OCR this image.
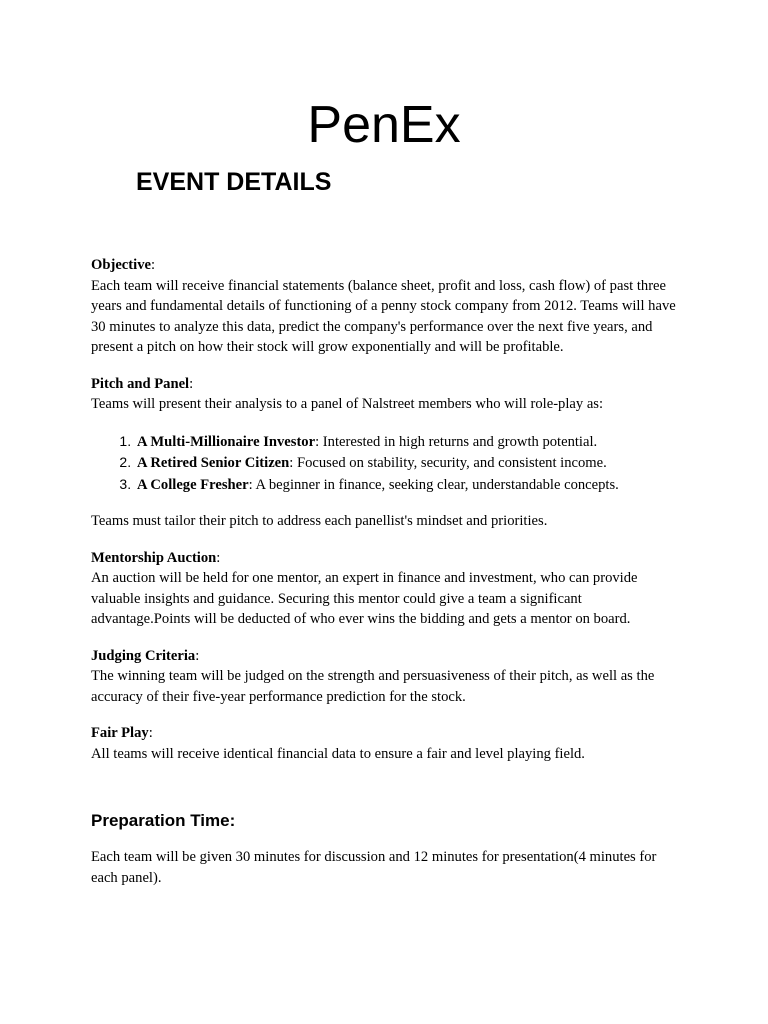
PenEx
EVENT DETAILS

Objective:

Each team will receive financial statements (balance sheet, profit and loss, cash flow) of past three years and fundamental details of functioning of a penny stock company from 2012. Teams will have 30 minutes to analyze this data, predict the company's performance over the next five years, and present a pitch on how their stock will grow exponentially and will be profitable.

Pitch and Panel:

Teams will present their analysis to a panel of Nalstreet members who will role-play as:

1. A Multi-Millionaire Investor: Interested in high returns and growth potential.
2. A Retired Senior Citizen: Focused on stability, security, and consistent income.
3. A College Fresher: A beginner in finance, seeking clear, understandable concepts.

Teams must tailor their pitch to address each panellist's mindset and priorities.

Mentorship Auction:

An auction will be held for one mentor, an expert in finance and investment, who can provide valuable insights and guidance. Securing this mentor could give a team a significant advantage.Points will be deducted of who ever wins the bidding and gets a mentor on board.

Judging Criteria:

The winning team will be judged on the strength and persuasiveness of their pitch, as well as the accuracy of their five-year performance prediction for the stock.

Fair Play:

All teams will receive identical financial data to ensure a fair and level playing field.

Preparation Time:

Each team will be given 30 minutes for discussion and 12 minutes for presentation(4 minutes for each panel).
